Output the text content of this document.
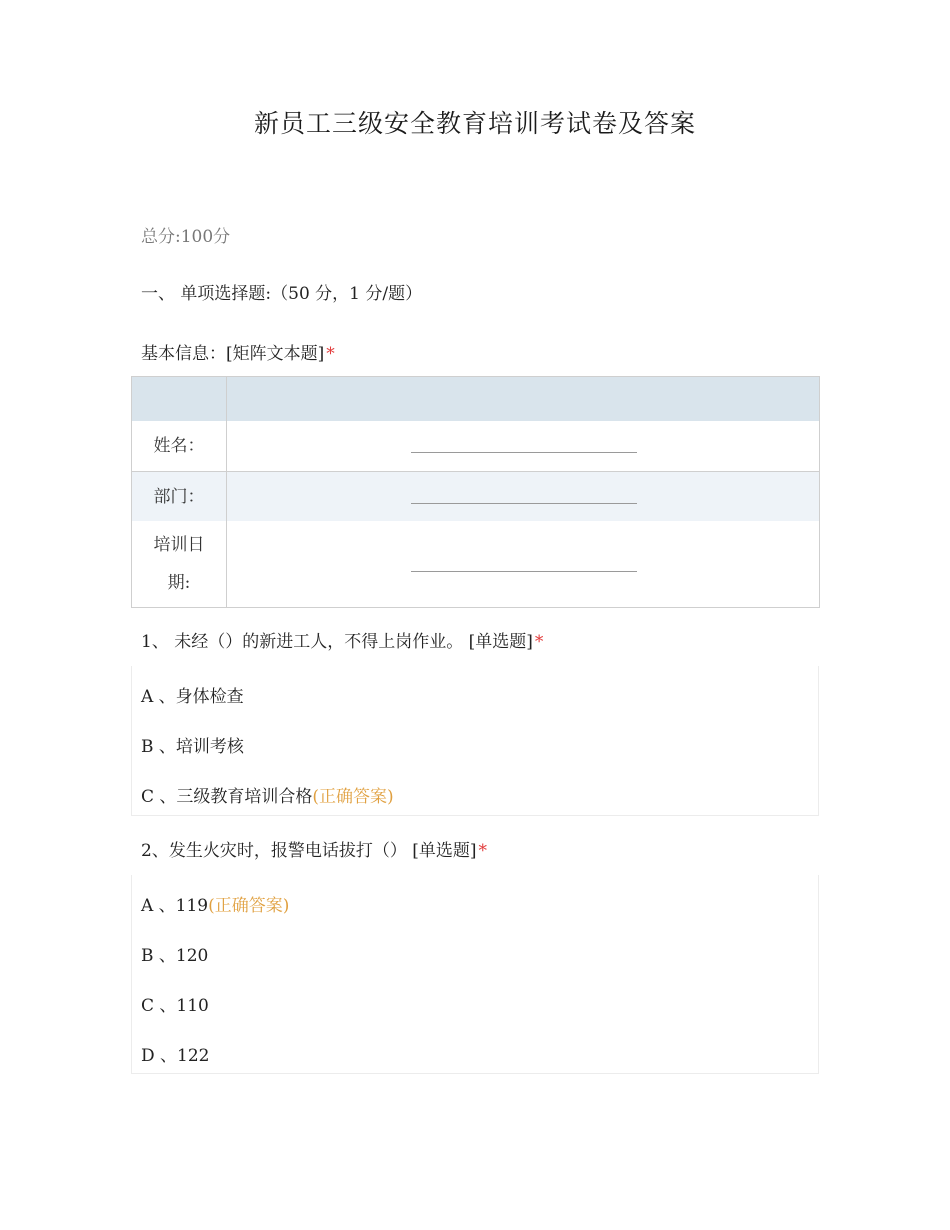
新员工三级安全教育培训考试卷及答案
总分:100分
一、 单项选择题:（50 分，1 分/题）
基本信息：[矩阵文本题] *
姓名：
部门：
培训日
期:
1、 未经（）的新进工人，不得上岗作业。 [单选题] *
A 、身体检查
B 、培训考核
C 、三级教育培训合格(正确答案)
2、发生火灾时，报警电话拔打（） [单选题] *
A 、119(正确答案)
B 、120
C 、110
D 、122
